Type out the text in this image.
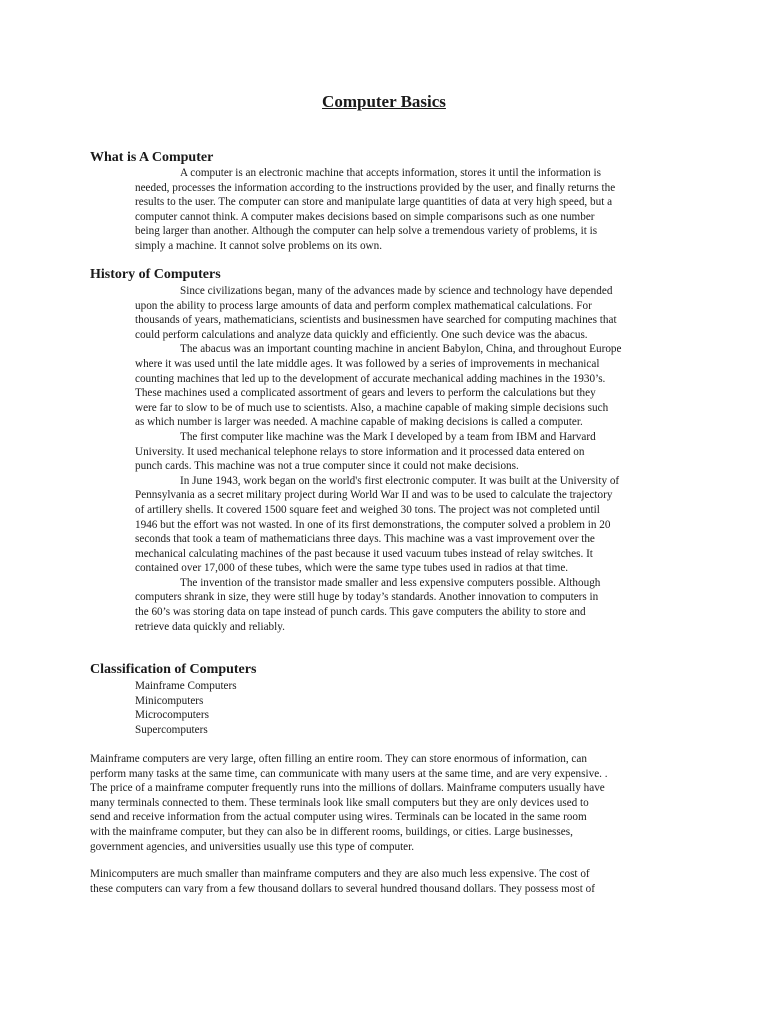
Computer Basics
What is A Computer
A computer is an electronic machine that accepts information, stores it until the information is
needed, processes the information according to the instructions provided by the user, and finally returns the
results to the user. The computer can store and manipulate large quantities of data at very high speed, but a
computer cannot think. A computer makes decisions based on simple comparisons such as one number
being larger than another. Although the computer can help solve a tremendous variety of problems, it is
simply a machine. It cannot solve problems on its own.
History of Computers
Since civilizations began, many of the advances made by science and technology have depended
upon the ability to process large amounts of data and perform complex mathematical calculations. For
thousands of years, mathematicians, scientists and businessmen have searched for computing machines that
could perform calculations and analyze data quickly and efficiently. One such device was the abacus.
The abacus was an important counting machine in ancient Babylon, China, and throughout Europe
where it was used until the late middle ages. It was followed by a series of improvements in mechanical
counting machines that led up to the development of accurate mechanical adding machines in the 1930’s.
These machines used a complicated assortment of gears and levers to perform the calculations but they
were far to slow to be of much use to scientists. Also, a machine capable of making simple decisions such
as which number is larger was needed. A machine capable of making decisions is called a computer.
The first computer like machine was the Mark I developed by a team from IBM and Harvard
University. It used mechanical telephone relays to store information and it processed data entered on
punch cards. This machine was not a true computer since it could not make decisions.
In June 1943, work began on the world's first electronic computer. It was built at the University of
Pennsylvania as a secret military project during World War II and was to be used to calculate the trajectory
of artillery shells. It covered 1500 square feet and weighed 30 tons. The project was not completed until
1946 but the effort was not wasted. In one of its first demonstrations, the computer solved a problem in 20
seconds that took a team of mathematicians three days. This machine was a vast improvement over the
mechanical calculating machines of the past because it used vacuum tubes instead of relay switches. It
contained over 17,000 of these tubes, which were the same type tubes used in radios at that time.
The invention of the transistor made smaller and less expensive computers possible. Although
computers shrank in size, they were still huge by today’s standards. Another innovation to computers in
the 60’s was storing data on tape instead of punch cards. This gave computers the ability to store and
retrieve data quickly and reliably.
Classification of Computers
Mainframe Computers
Minicomputers
Microcomputers
Supercomputers
Mainframe computers are very large, often filling an entire room. They can store enormous of information, can
perform many tasks at the same time, can communicate with many users at the same time, and are very expensive. .
The price of a mainframe computer frequently runs into the millions of dollars. Mainframe computers usually have
many terminals connected to them. These terminals look like small computers but they are only devices used to
send and receive information from the actual computer using wires. Terminals can be located in the same room
with the mainframe computer, but they can also be in different rooms, buildings, or cities. Large businesses,
government agencies, and universities usually use this type of computer.
Minicomputers are much smaller than mainframe computers and they are also much less expensive. The cost of
these computers can vary from a few thousand dollars to several hundred thousand dollars. They possess most of
